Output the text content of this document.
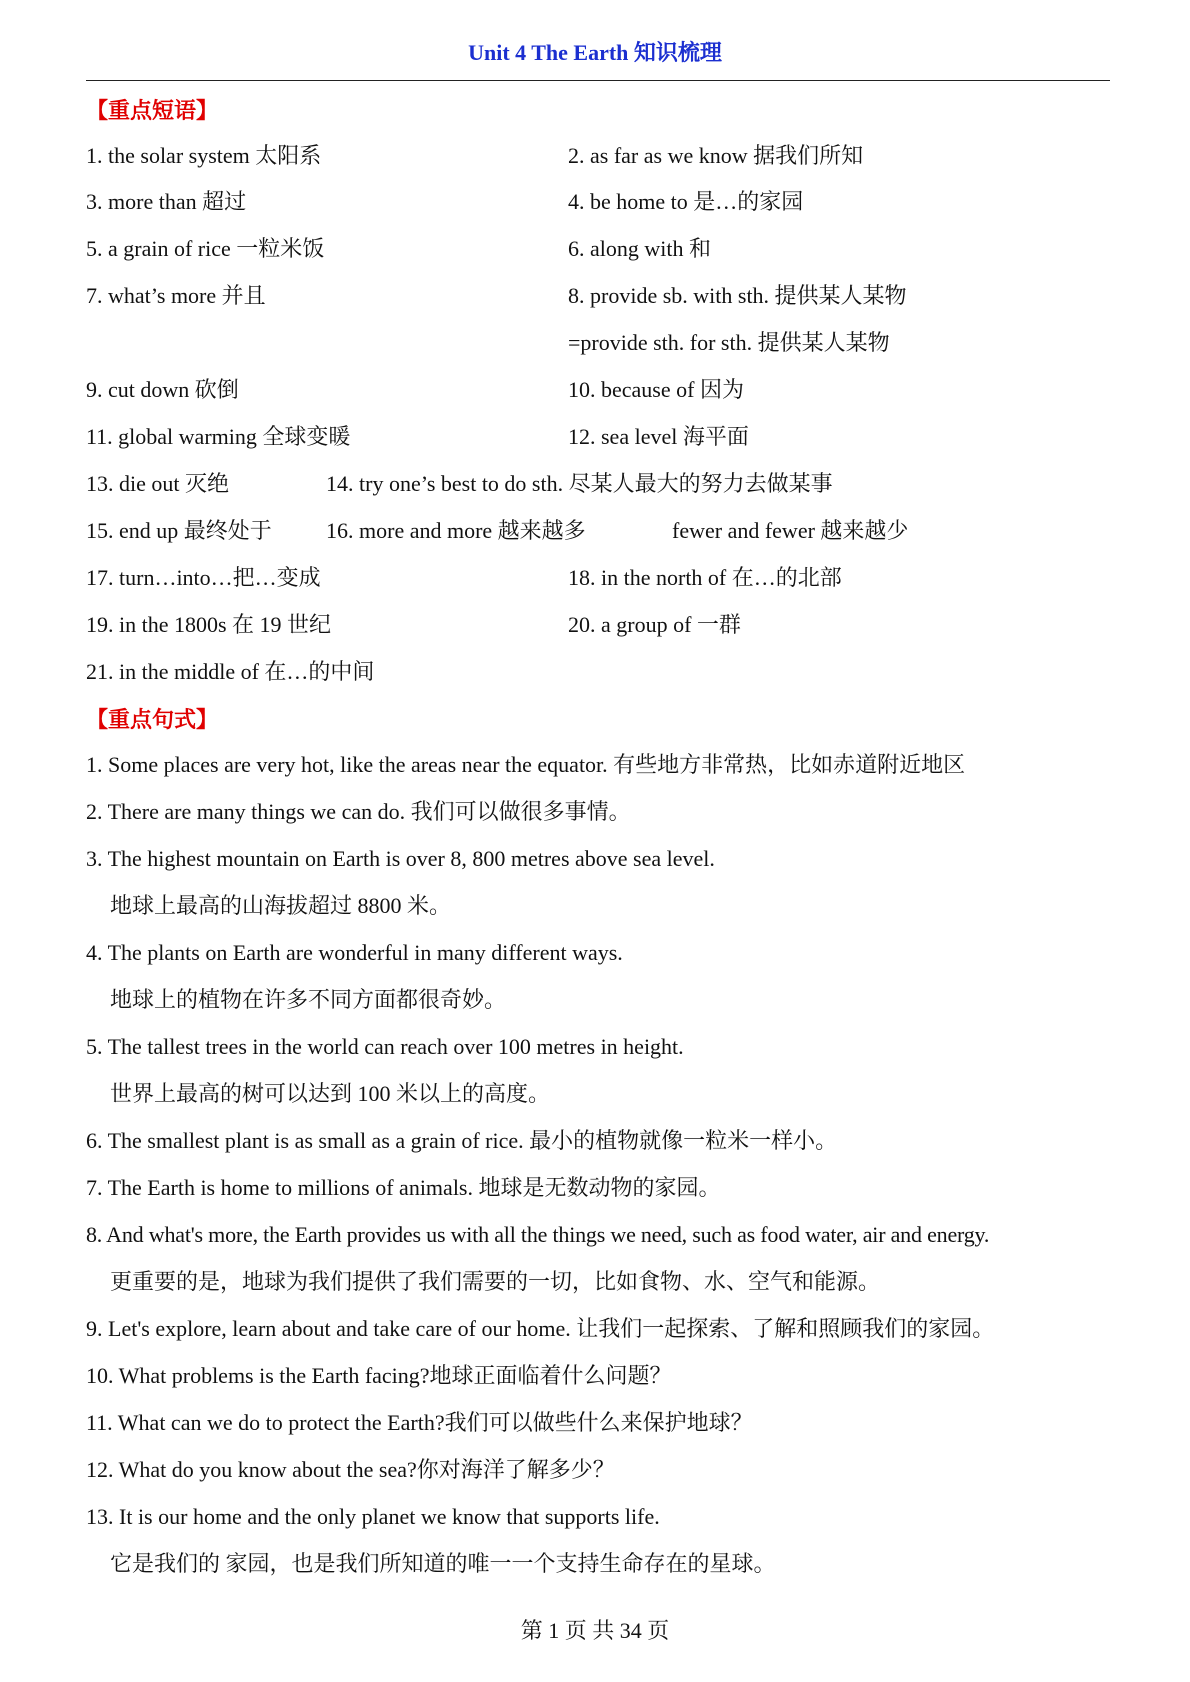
Unit 4 The Earth 知识梳理
【重点短语】
1. the solar system 太阳系	2. as far as we know 据我们所知
3. more than 超过	4. be home to 是…的家园
5. a grain of rice 一粒米饭	6. along with 和
7. what’s more 并且	8. provide sb. with sth. 提供某人某物
=provide sth. for sth. 提供某人某物
9. cut down 砍倒	10. because of 因为
11. global warming 全球变暖	12. sea level 海平面
13. die out 灭绝	14. try one’s best to do sth. 尽某人最大的努力去做某事
15. end up 最终处于 16. more and more 越来越多	fewer and fewer 越来越少
17. turn…into…把…变成	18. in the north of 在…的北部
19. in the 1800s 在 19 世纪	20. a group of 一群
21. in the middle of 在…的中间
【重点句式】
1. Some places are very hot, like the areas near the equator. 有些地方非常热，比如赤道附近地区
2. There are many things we can do. 我们可以做很多事情。
3. The highest mountain on Earth is over 8, 800 metres above sea level.
地球上最高的山海拔超过 8800 米。
4. The plants on Earth are wonderful in many different ways.
地球上的植物在许多不同方面都很奇妙。
5. The tallest trees in the world can reach over 100 metres in height.
世界上最高的树可以达到 100 米以上的高度。
6. The smallest plant is as small as a grain of rice. 最小的植物就像一粒米一样小。
7. The Earth is home to millions of animals. 地球是无数动物的家园。
8. And what's more, the Earth provides us with all the things we need, such as food water, air and energy.
更重要的是，地球为我们提供了我们需要的一切，比如食物、水、空气和能源。
9. Let's explore, learn about and take care of our home. 让我们一起探索、了解和照顾我们的家园。
10. What problems is the Earth facing?地球正面临着什么问题？
11. What can we do to protect the Earth?我们可以做些什么来保护地球？
12. What do you know about the sea?你对海洋了解多少？
13. It is our home and the only planet we know that supports life.
它是我们的 家园，也是我们所知道的唯一一个支持生命存在的星球。
第 1 页 共 34 页
